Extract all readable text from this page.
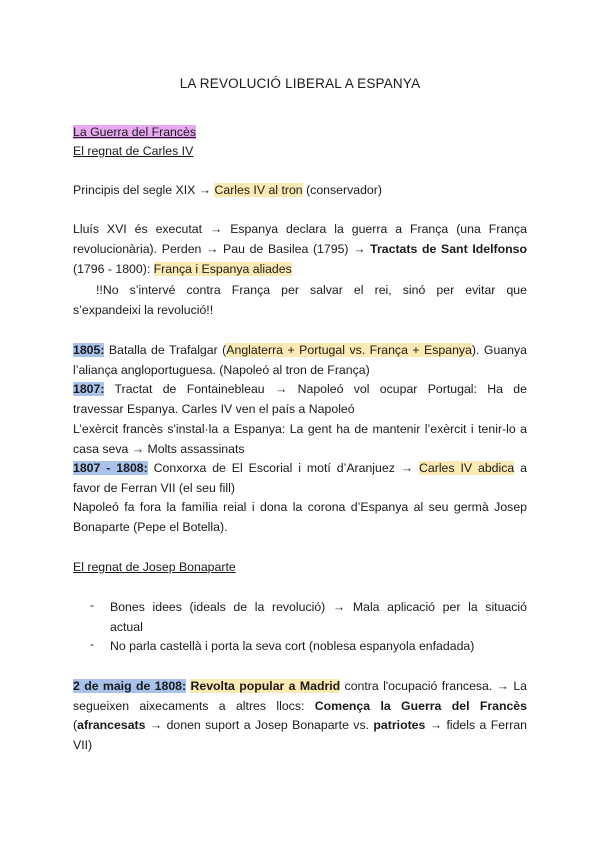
LA REVOLUCIÓ LIBERAL A ESPANYA
La Guerra del Francès
El regnat de Carles IV
Principis del segle XIX → Carles IV al tron (conservador)
Lluís XVI és executat → Espanya declara la guerra a França (una França
revolucionària). Perden → Pau de Basilea (1795) → Tractats de Sant Idelfonso
(1796 - 1800): França i Espanya aliades
!!No s’intervé contra França per salvar el rei, sinó per evitar que
s’expandeixi la revolució!!
1805: Batalla de Trafalgar (Anglaterra + Portugal vs. França + Espanya). Guanya
l’aliança angloportuguesa. (Napoleó al tron de França)
1807: Tractat de Fontainebleau → Napoleó vol ocupar Portugal: Ha de
travessar Espanya. Carles IV ven el país a Napoleó
L’exèrcit francès s'instal·la a Espanya: La gent ha de mantenir l’exèrcit i tenir-lo a
casa seva → Molts assassinats
1807 - 1808: Conxorxa de El Escorial i motí d’Aranjuez → Carles IV abdica a
favor de Ferran VII (el seu fill)
Napoleó fa fora la família reial i dona la corona d’Espanya al seu germà Josep
Bonaparte (Pepe el Botella).
El regnat de Josep Bonaparte
- Bones idees (ideals de la revolució) → Mala aplicació per la situació
actual
- No parla castellà i porta la seva cort (noblesa espanyola enfadada)
2 de maig de 1808: Revolta popular a Madrid contra l'ocupació francesa. → La
segueixen aixecaments a altres llocs: Comença la Guerra del Francès
(afrancesats → donen suport a Josep Bonaparte vs. patriotes → fidels a Ferran
VII)
